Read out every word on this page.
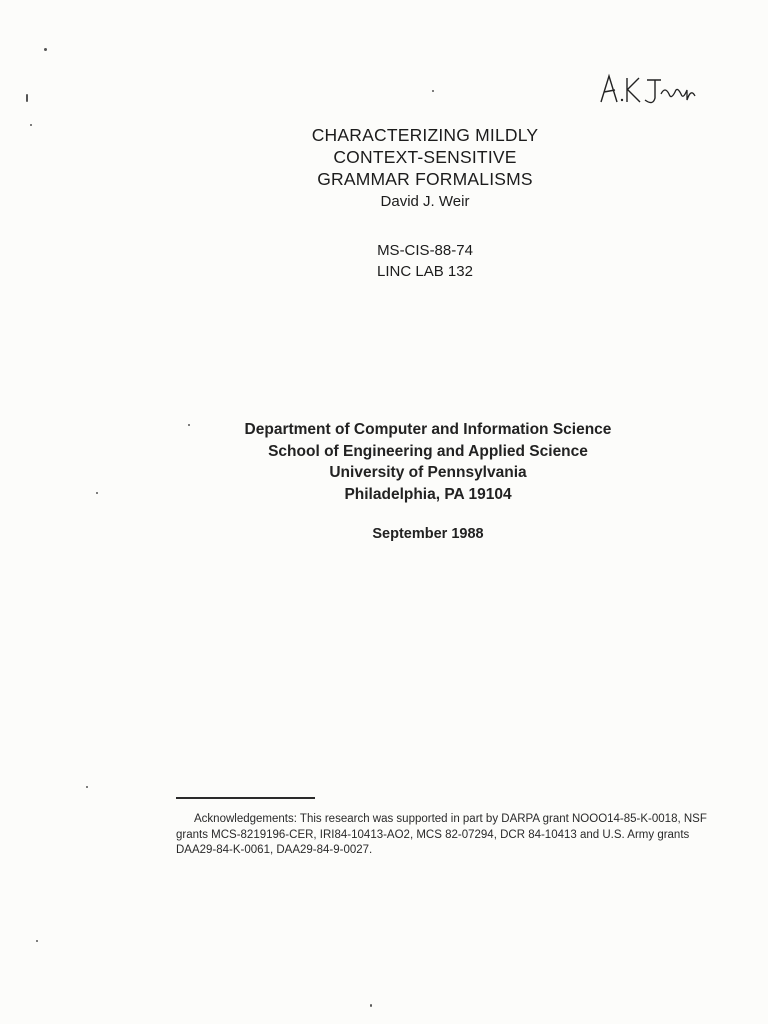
CHARACTERIZING MILDLY

CONTEXT-SENSITIVE

GRAMMAR FORMALISMS

David J. Weir
MS-CIS-88-74
LINC LAB 132
Department of Computer and Information Science
School of Engineering and Applied Science
University of Pennsylvania
Philadelphia, PA 19104
September 1988
Acknowledgements: This research was supported in part by DARPA grant NOOO14-85-K-0018, NSF grants MCS-8219196-CER, IRI84-10413-AO2, MCS 82-07294, DCR 84-10413 and U.S. Army grants DAA29-84-K-0061, DAA29-84-9-0027.
